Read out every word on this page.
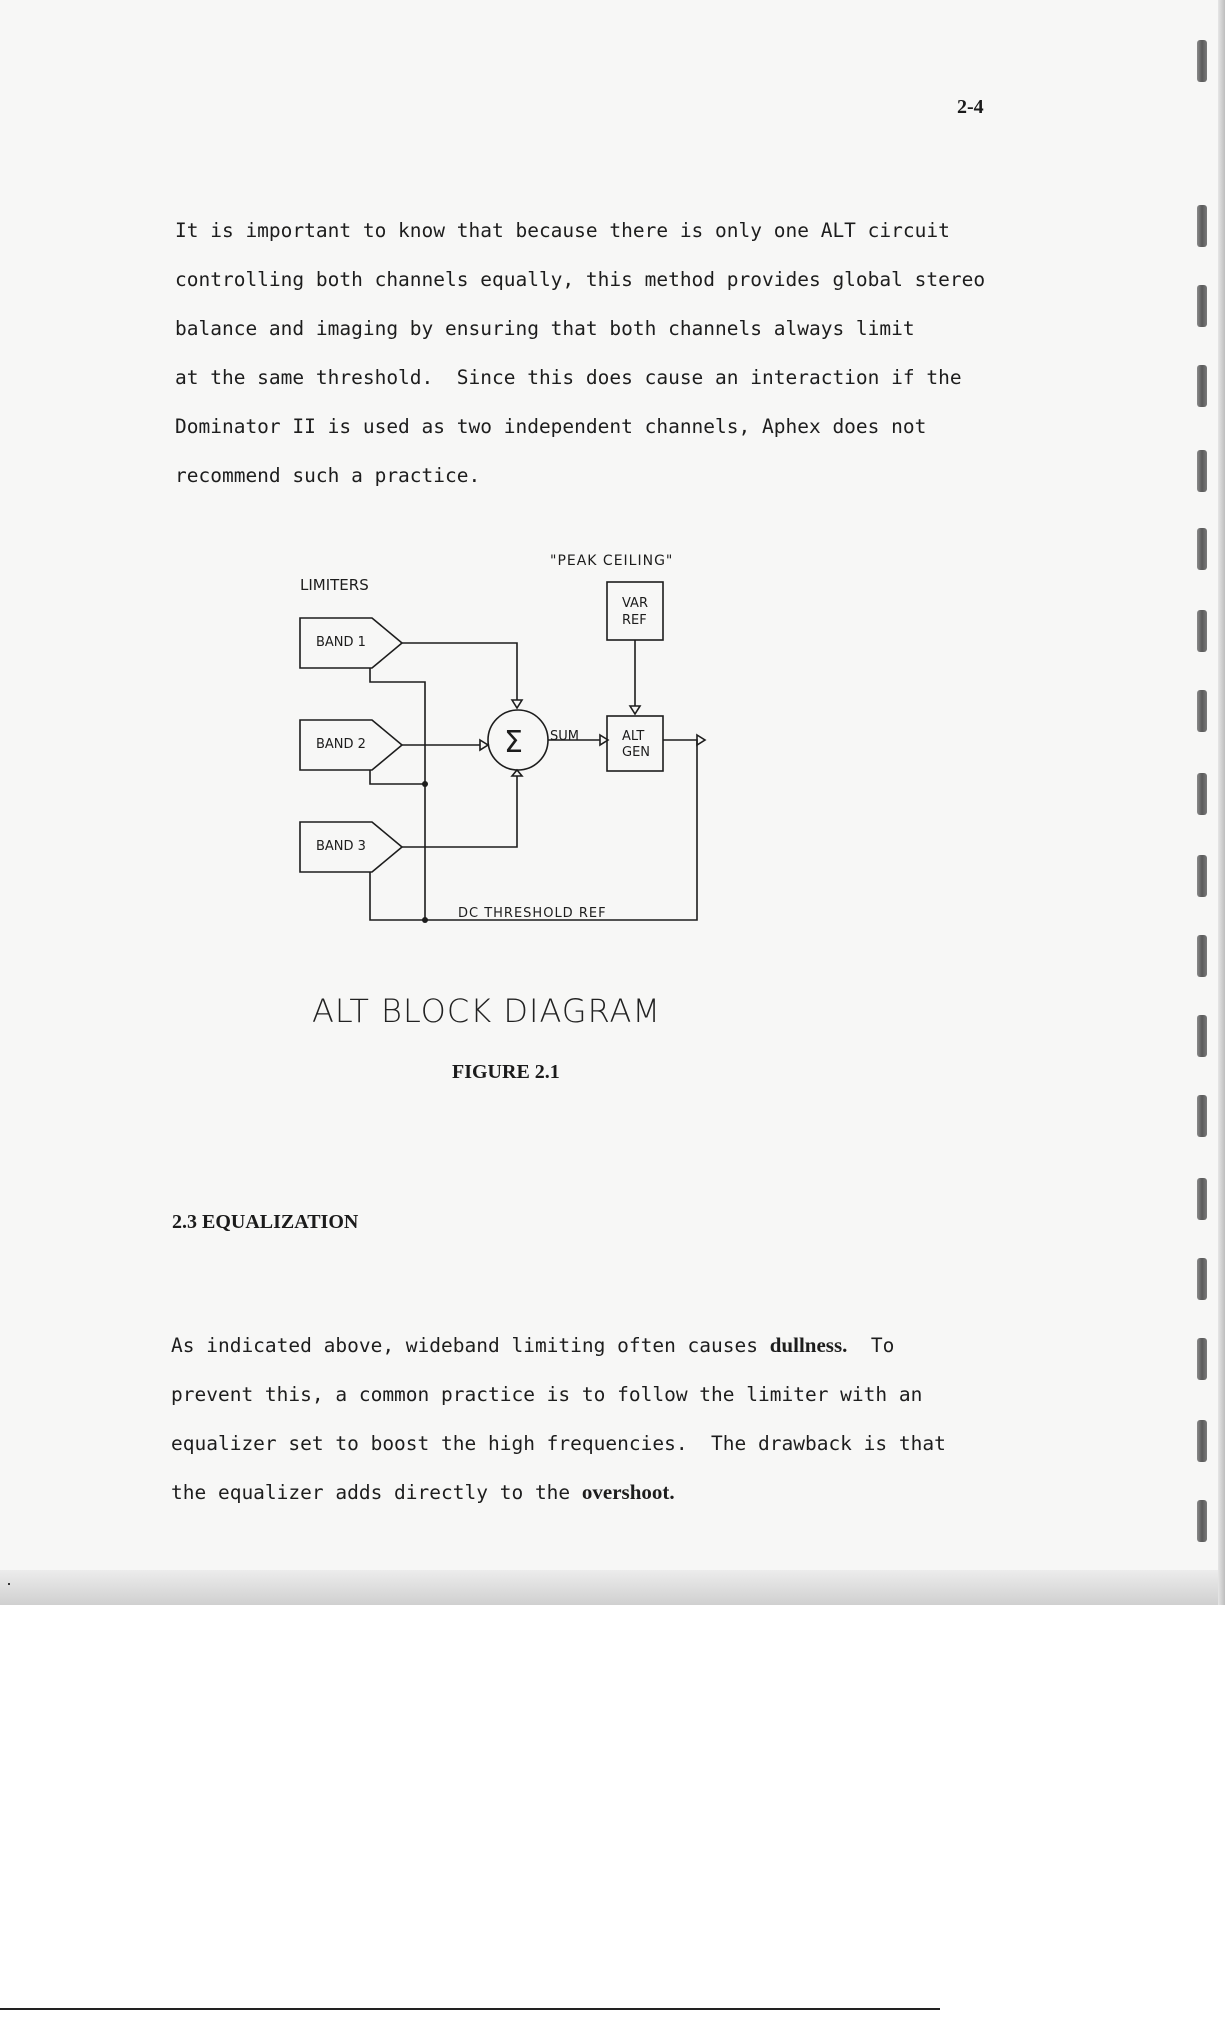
2-4

It is important to know that because there is only one ALT circuit
controlling both channels equally, this method provides global stereo
balance and imaging by ensuring that both channels always limit
at the same threshold.  Since this does cause an interaction if the
Dominator II is used as two independent channels, Aphex does not
recommend such a practice.

LIMITERS
"PEAK CEILING"
BAND 1
BAND 2
BAND 3
Σ SUM
VAR
REF
ALT
GEN
DC THRESHOLD REF
ALT BLOCK DIAGRAM
FIGURE 2.1
2.3 EQUALIZATION

As indicated above, wideband limiting often causes dullness.  To
prevent this, a common practice is to follow the limiter with an
equalizer set to boost the high frequencies.  The drawback is that
the equalizer adds directly to the overshoot.
